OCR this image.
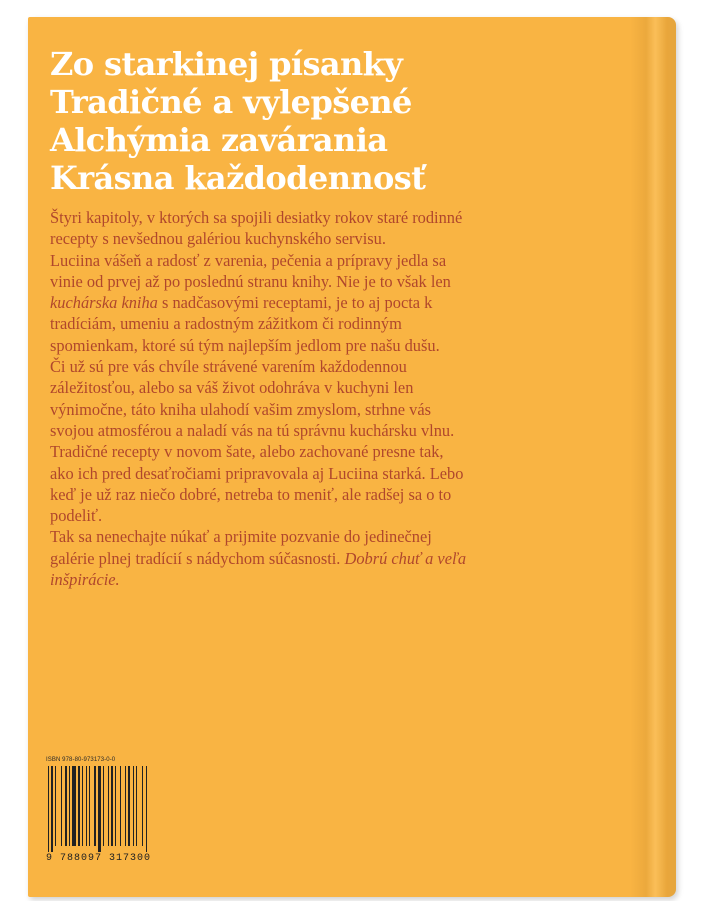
Zo starkinej písanky
Tradičné a vylepšené
Alchýmia zavárania
Krásna každodennosť

Štyri kapitoly, v ktorých sa spojili desiatky rokov staré rodinné recepty s nevšednou galériou kuchynského servisu.

Luciina vášeň a radosť z varenia, pečenia a prípravy jedla sa vinie od prvej až po poslednú stranu knihy. Nie je to však len kuchárska kniha s nadčasovými receptami, je to aj pocta k tradíciám, umeniu a radostným zážitkom či rodinným spomienkam, ktoré sú tým najlepším jedlom pre našu dušu.

Či už sú pre vás chvíle strávené varením každodennou záležitosťou, alebo sa váš život odohráva v kuchyni len výnimočne, táto kniha ulahodí vašim zmyslom, strhne vás svojou atmosférou a naladí vás na tú správnu kuchársku vlnu. Tradičné recepty v novom šate, alebo zachované presne tak, ako ich pred desaťročiami pripravovala aj Luciina starká. Lebo keď je už raz niečo dobré, netreba to meniť, ale radšej sa o to podeliť.

Tak sa nenechajte núkať a prijmite pozvanie do jedinečnej galérie plnej tradícií s nádychom súčasnosti. Dobrú chuť a veľa inšpirácie.

ISBN 978-80-973173-0-0
9 788097 317300
